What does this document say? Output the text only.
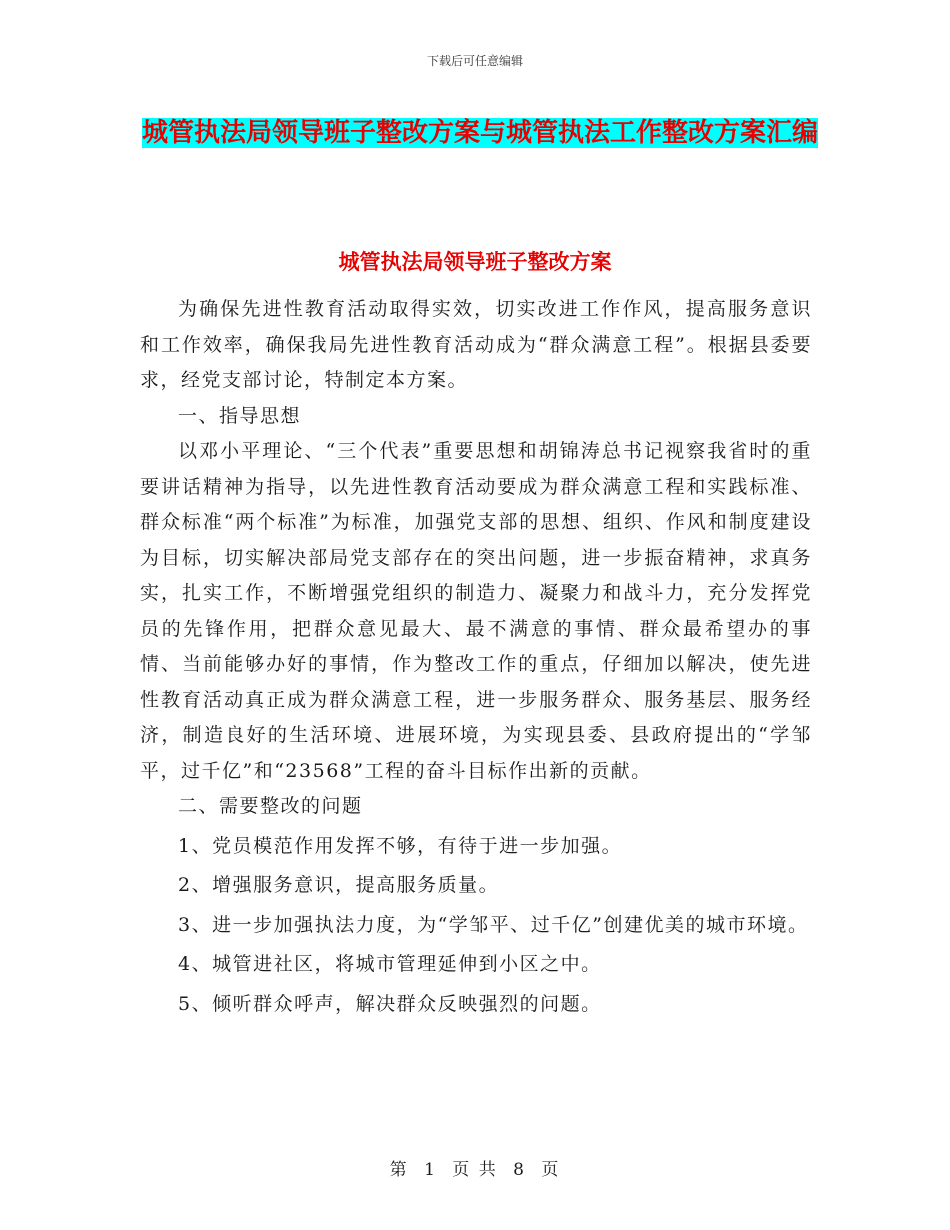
下载后可任意编辑
城管执法局领导班子整改方案与城管执法工作整改方案汇编
城管执法局领导班子整改方案

为确保先进性教育活动取得实效，切实改进工作作风，提高服务意识和工作效率，确保我局先进性教育活动成为“群众满意工程”。根据县委要求，经党支部讨论，特制定本方案。

一、指导思想

以邓小平理论、“三个代表”重要思想和胡锦涛总书记视察我省时的重要讲话精神为指导，以先进性教育活动要成为群众满意工程和实践标准、群众标准“两个标准”为标准，加强党支部的思想、组织、作风和制度建设为目标，切实解决部局党支部存在的突出问题，进一步振奋精神，求真务实，扎实工作，不断增强党组织的制造力、凝聚力和战斗力，充分发挥党员的先锋作用，把群众意见最大、最不满意的事情、群众最希望办的事情、当前能够办好的事情，作为整改工作的重点，仔细加以解决，使先进性教育活动真正成为群众满意工程，进一步服务群众、服务基层、服务经济，制造良好的生活环境、进展环境，为实现县委、县政府提出的“学邹平，过千亿”和“23568”工程的奋斗目标作出新的贡献。

二、需要整改的问题

1、党员模范作用发挥不够，有待于进一步加强。

2、增强服务意识，提高服务质量。

3、进一步加强执法力度，为“学邹平、过千亿”创建优美的城市环境。

4、城管进社区，将城市管理延伸到小区之中。

5、倾听群众呼声，解决群众反映强烈的问题。

第 1 页 共 8 页
